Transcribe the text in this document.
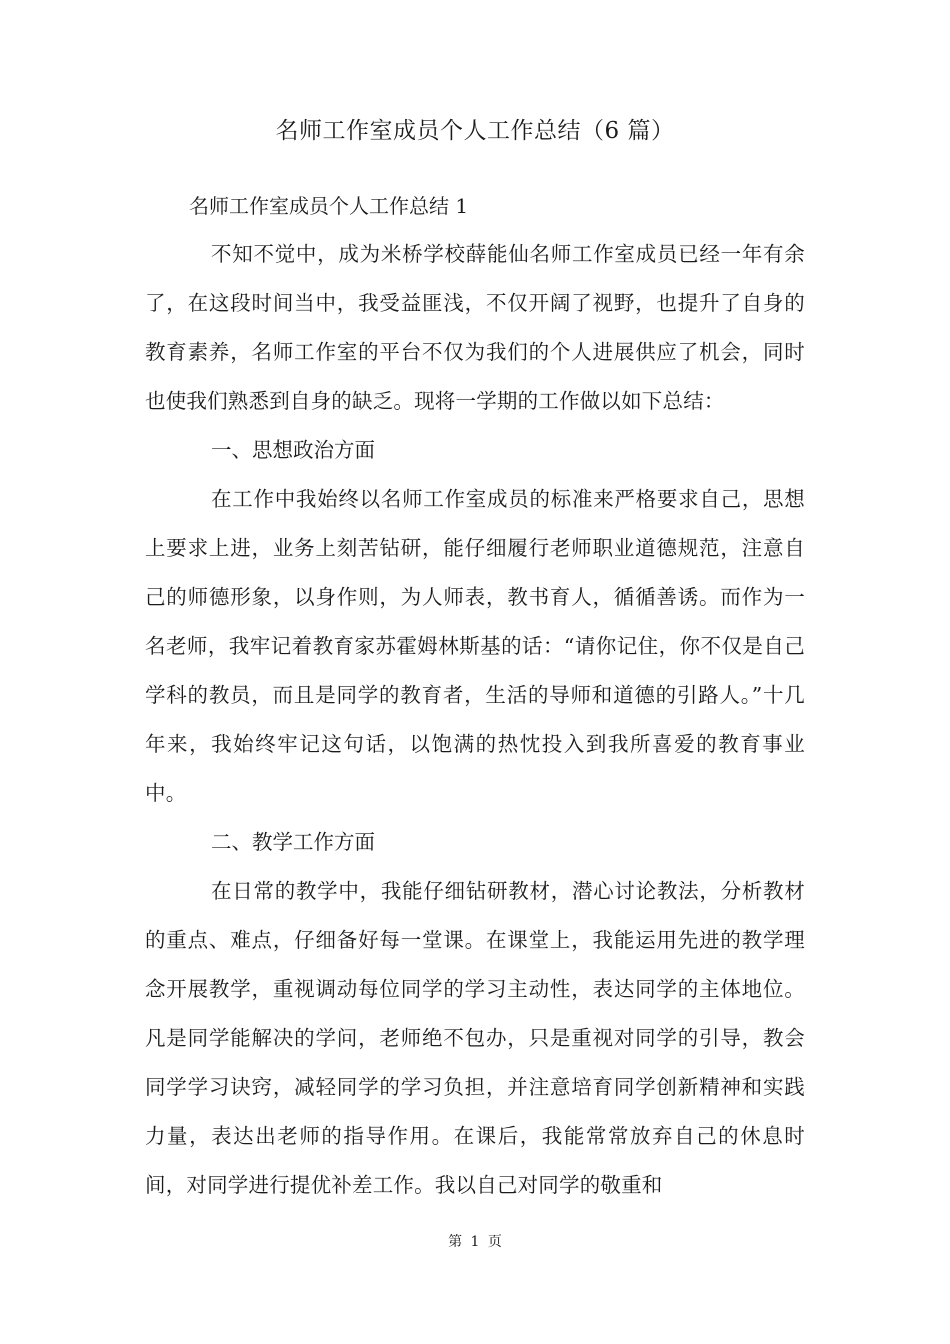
名师工作室成员个人工作总结（6 篇）

名师工作室成员个人工作总结 1

不知不觉中，成为米桥学校薛能仙名师工作室成员已经一年有余了，在这段时间当中，我受益匪浅，不仅开阔了视野，也提升了自身的教育素养，名师工作室的平台不仅为我们的个人进展供应了机会，同时也使我们熟悉到自身的缺乏。现将一学期的工作做以如下总结：

一、思想政治方面

在工作中我始终以名师工作室成员的标准来严格要求自己，思想上要求上进，业务上刻苦钻研，能仔细履行老师职业道德规范，注意自己的师德形象，以身作则，为人师表，教书育人，循循善诱。而作为一名老师，我牢记着教育家苏霍姆林斯基的话：“请你记住，你不仅是自己学科的教员，而且是同学的教育者，生活的导师和道德的引路人。”十几年来，我始终牢记这句话，以饱满的热忱投入到我所喜爱的教育事业中。

二、教学工作方面

在日常的教学中，我能仔细钻研教材，潜心讨论教法，分析教材的重点、难点，仔细备好每一堂课。在课堂上，我能运用先进的教学理念开展教学，重视调动每位同学的学习主动性，表达同学的主体地位。凡是同学能解决的学问，老师绝不包办，只是重视对同学的引导，教会同学学习诀窍，减轻同学的学习负担，并注意培育同学创新精神和实践力量，表达出老师的指导作用。在课后，我能常常放弃自己的休息时间，对同学进行提优补差工作。我以自己对同学的敬重和

第 1 页
